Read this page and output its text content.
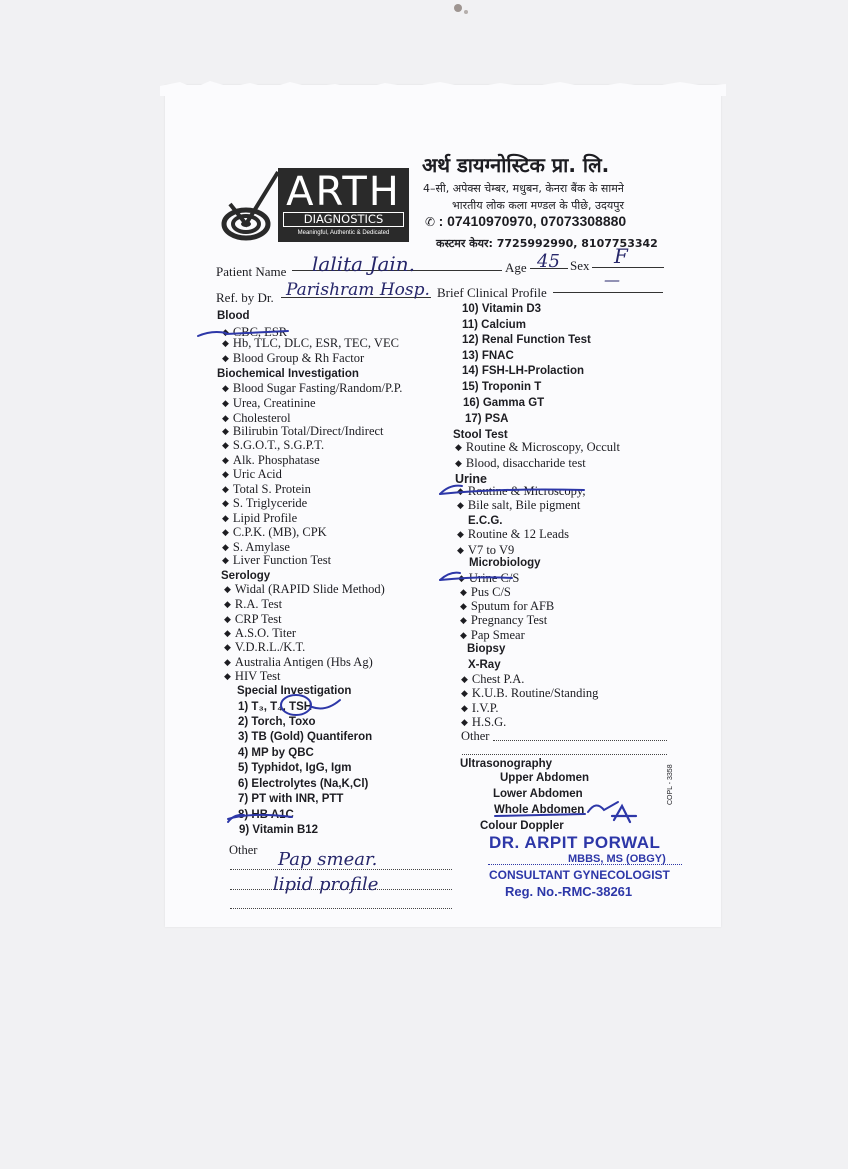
ARTH
DIAGNOSTICS
Meaningful, Authentic & Dedicated
अर्थ डायग्नोस्टिक प्रा. लि.
4–सी, अपेक्स चेम्बर, मधुबन, केनरा बैंक के सामने
भारतीय लोक कला मण्डल के पीछे, उदयपुर
✆ : 07410970970, 07073308880
कस्टमर केयर: 7725992990, 8107753342
Patient Name lalita Jain.	Age 45 Sex F
Ref. by Dr. Parishram Hosp. Brief Clinical Profile
—
Blood
◆ CBC, ESR
◆ Hb, TLC, DLC, ESR, TEC, VEC
◆ Blood Group & Rh Factor
Biochemical Investigation
◆ Blood Sugar Fasting/Random/P.P.
◆ Urea, Creatinine
◆ Cholesterol
◆ Bilirubin Total/Direct/Indirect
◆ S.G.O.T., S.G.P.T.
◆ Alk. Phosphatase
◆ Uric Acid
◆ Total S. Protein
◆ S. Triglyceride
◆ Lipid Profile
◆ C.P.K. (MB), CPK
◆ S. Amylase
◆ Liver Function Test
Serology
◆ Widal (RAPID Slide Method)
◆ R.A. Test
◆ CRP Test
◆ A.S.O. Titer
◆ V.D.R.L./K.T.
◆ Australia Antigen (Hbs Ag)
◆ HIV Test
Special Investigation
1) T₃, T₄, TSH
2) Torch, Toxo
3) TB (Gold) Quantiferon
4) MP by QBC
5) Typhidot, IgG, Igm
6) Electrolytes (Na,K,Cl)
7) PT with INR, PTT
8) HB A1C
9) Vitamin B12
Other Pap smear.
lipid profile
10) Vitamin D3
11) Calcium
12) Renal Function Test
13) FNAC
14) FSH-LH-Prolaction
15) Troponin T
16) Gamma GT
17) PSA
Stool Test
◆ Routine & Microscopy, Occult
◆ Blood, disaccharide test
Urine
◆ Routine & Microscopy,
◆ Bile salt, Bile pigment
E.C.G.
◆ Routine & 12 Leads
◆ V7 to V9
Microbiology
◆ Urine C/S
◆ Pus C/S
◆ Sputum for AFB
◆ Pregnancy Test
◆ Pap Smear
Biopsy
X-Ray
◆ Chest P.A.
◆ K.U.B. Routine/Standing
◆ I.V.P.
◆ H.S.G.
Other
Ultrasonography
Upper Abdomen
Lower Abdomen
Whole Abdomen
Colour Doppler
COPL - 3358
DR. ARPIT PORWAL
MBBS, MS (OBGY)
CONSULTANT GYNECOLOGIST
Reg. No.-RMC-38261
